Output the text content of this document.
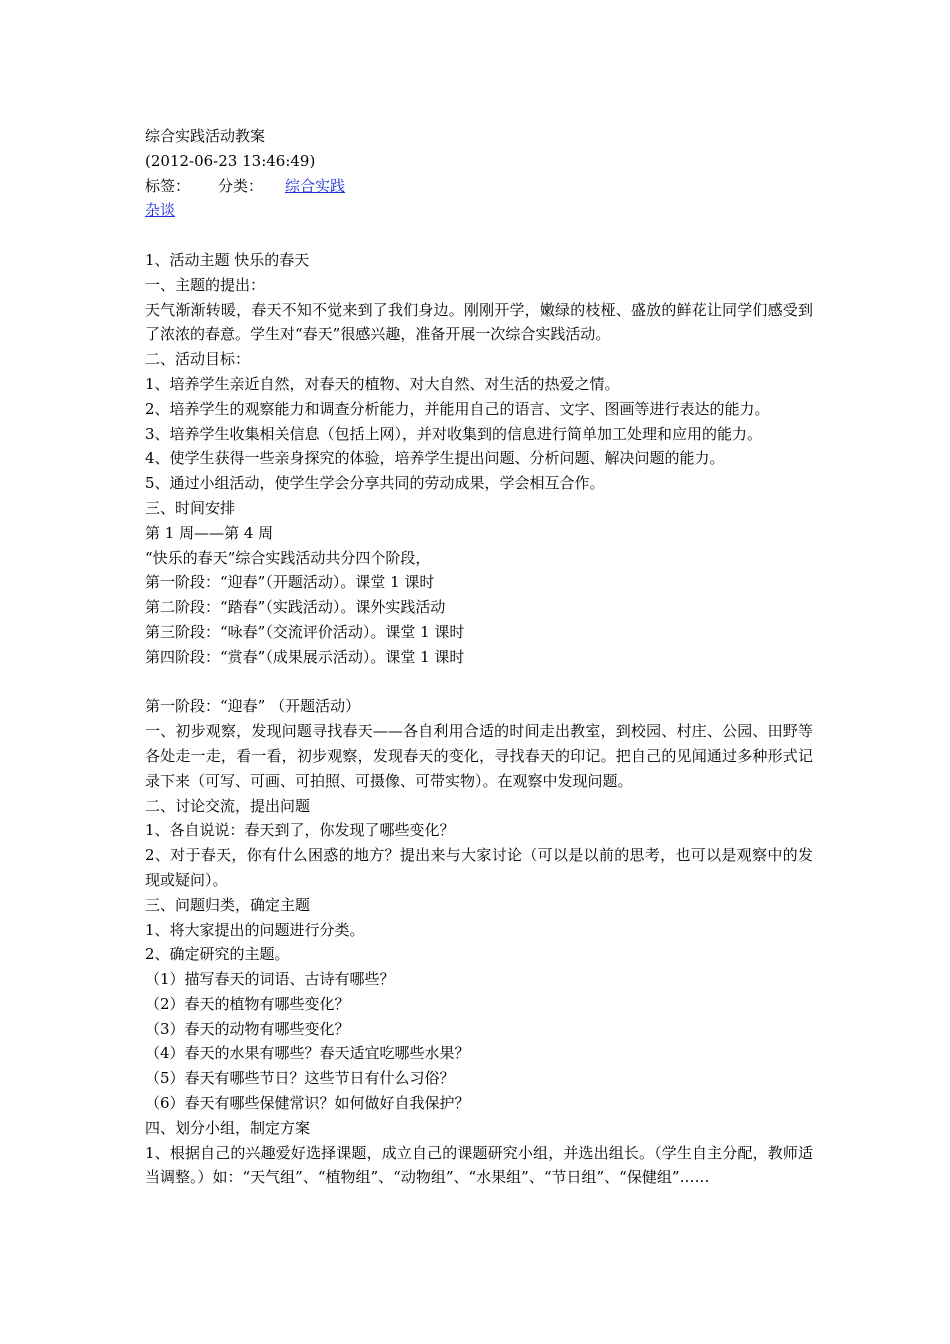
综合实践活动教案
(2012-06-23 13:46:49)
标签： 分类： 综合实践
杂谈
1、活动主题 快乐的春天
一、主题的提出：
天气渐渐转暖，春天不知不觉来到了我们身边。刚刚开学，嫩绿的枝桠、盛放的鲜花让同学们感受到了浓浓的春意。学生对“春天”很感兴趣，准备开展一次综合实践活动。
二、活动目标：
1、培养学生亲近自然，对春天的植物、对大自然、对生活的热爱之情。
2、培养学生的观察能力和调查分析能力，并能用自己的语言、文字、图画等进行表达的能力。
3、培养学生收集相关信息（包括上网），并对收集到的信息进行简单加工处理和应用的能力。
4、使学生获得一些亲身探究的体验，培养学生提出问题、分析问题、解决问题的能力。
5、通过小组活动，使学生学会分享共同的劳动成果，学会相互合作。
三、时间安排
第 1 周——第 4 周
“快乐的春天”综合实践活动共分四个阶段，
第一阶段：“迎春”（开题活动）。课堂 1 课时
第二阶段：“踏春”（实践活动）。课外实践活动
第三阶段：“咏春”（交流评价活动）。课堂 1 课时
第四阶段：“赏春”（成果展示活动）。课堂 1 课时
第一阶段：“迎春” （开题活动）
一、初步观察，发现问题寻找春天——各自利用合适的时间走出教室，到校园、村庄、公园、田野等各处走一走，看一看，初步观察，发现春天的变化，寻找春天的印记。把自己的见闻通过多种形式记录下来（可写、可画、可拍照、可摄像、可带实物）。在观察中发现问题。
二、讨论交流，提出问题
1、各自说说：春天到了，你发现了哪些变化？
2、对于春天，你有什么困惑的地方？提出来与大家讨论（可以是以前的思考，也可以是观察中的发现或疑问）。
三、问题归类，确定主题
1、将大家提出的问题进行分类。
2、确定研究的主题。
（1）描写春天的词语、古诗有哪些？
（2）春天的植物有哪些变化？
（3）春天的动物有哪些变化？
（4）春天的水果有哪些？春天适宜吃哪些水果？
（5）春天有哪些节日？这些节日有什么习俗？
（6）春天有哪些保健常识？如何做好自我保护？
四、划分小组，制定方案
1、根据自己的兴趣爱好选择课题，成立自己的课题研究小组，并选出组长。（学生自主分配，教师适当调整。）如：“天气组”、“植物组”、“动物组”、“水果组”、“节日组”、“保健组”……
